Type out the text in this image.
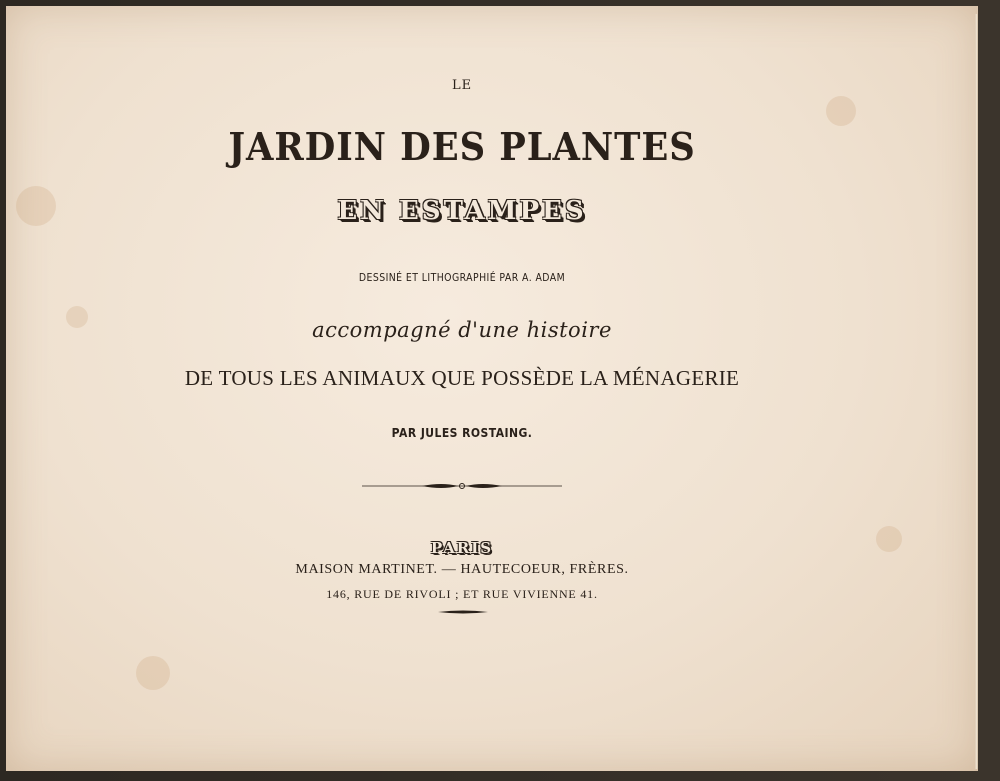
LE
JARDIN DES PLANTES
EN ESTAMPES
DESSINÉ ET LITHOGRAPHIÉ PAR A. ADAM
accompagné d'une histoire
DE TOUS LES ANIMAUX QUE POSSÈDE LA MÉNAGERIE
PAR JULES ROSTAING.
PARIS
MAISON MARTINET. — HAUTECOEUR, FRÈRES.
146, RUE DE RIVOLI ; ET RUE VIVIENNE 41.
